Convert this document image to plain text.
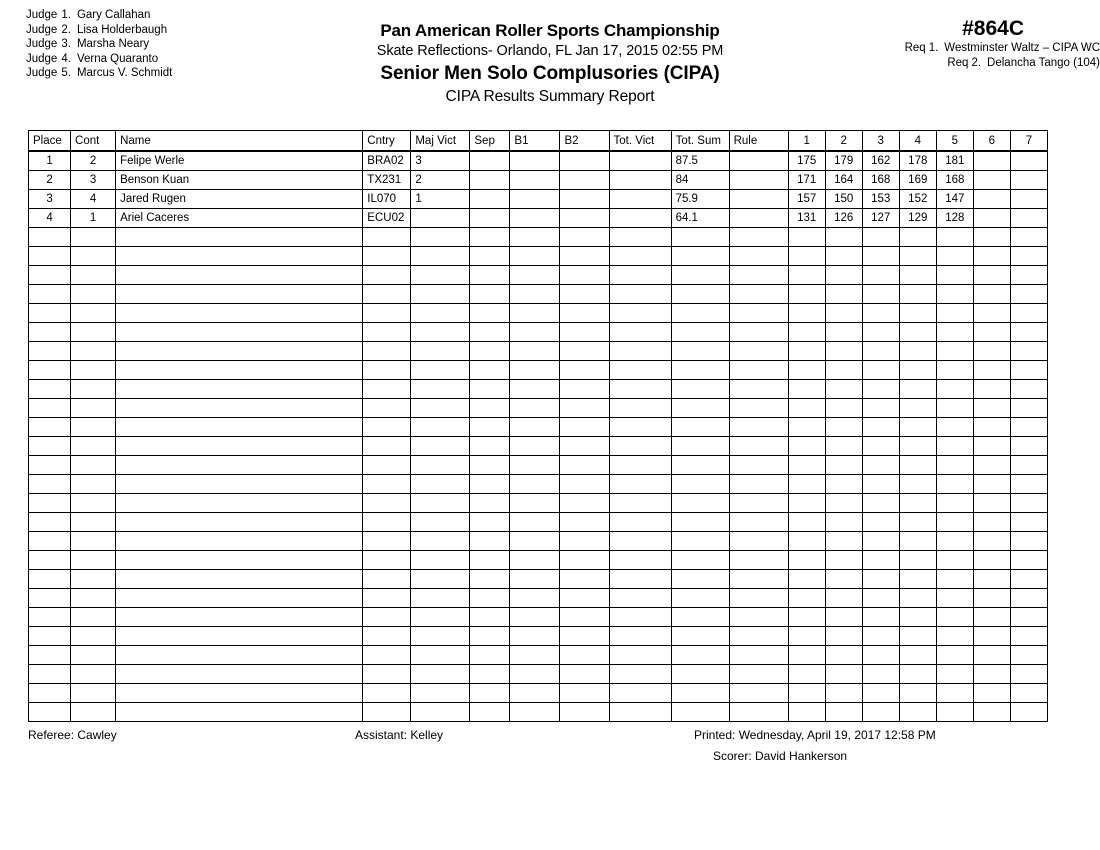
Judge 1. Gary Callahan
Judge 2. Lisa Holderbaugh
Judge 3. Marsha Neary
Judge 4. Verna Quaranto
Judge 5. Marcus V. Schmidt
Pan American Roller Sports Championship
Skate Reflections- Orlando, FL Jan 17, 2015 02:55 PM
Senior Men Solo Complusories (CIPA)
CIPA Results Summary Report
#864C
Req 1. Westminster Waltz – CIPA WC
Req 2. Delancha Tango (104)
Place	Cont	Name	Cntry	Maj Vict	Sep	B1	B2	Tot. Vict	Tot. Sum	Rule	1	2	3	4	5	6	7
1	2	Felipe Werle	BRA02	3					87.5		175	179	162	178	181		
2	3	Benson Kuan	TX231	2					84		171	164	168	169	168		
3	4	Jared Rugen	IL070	1					75.9		157	150	153	152	147		
4	1	Ariel Caceres	ECU02						64.1		131	126	127	129	128		

Referee: Cawley	Assistant: Kelley	Printed: Wednesday, April 19, 2017 12:58 PM
Scorer: David Hankerson
